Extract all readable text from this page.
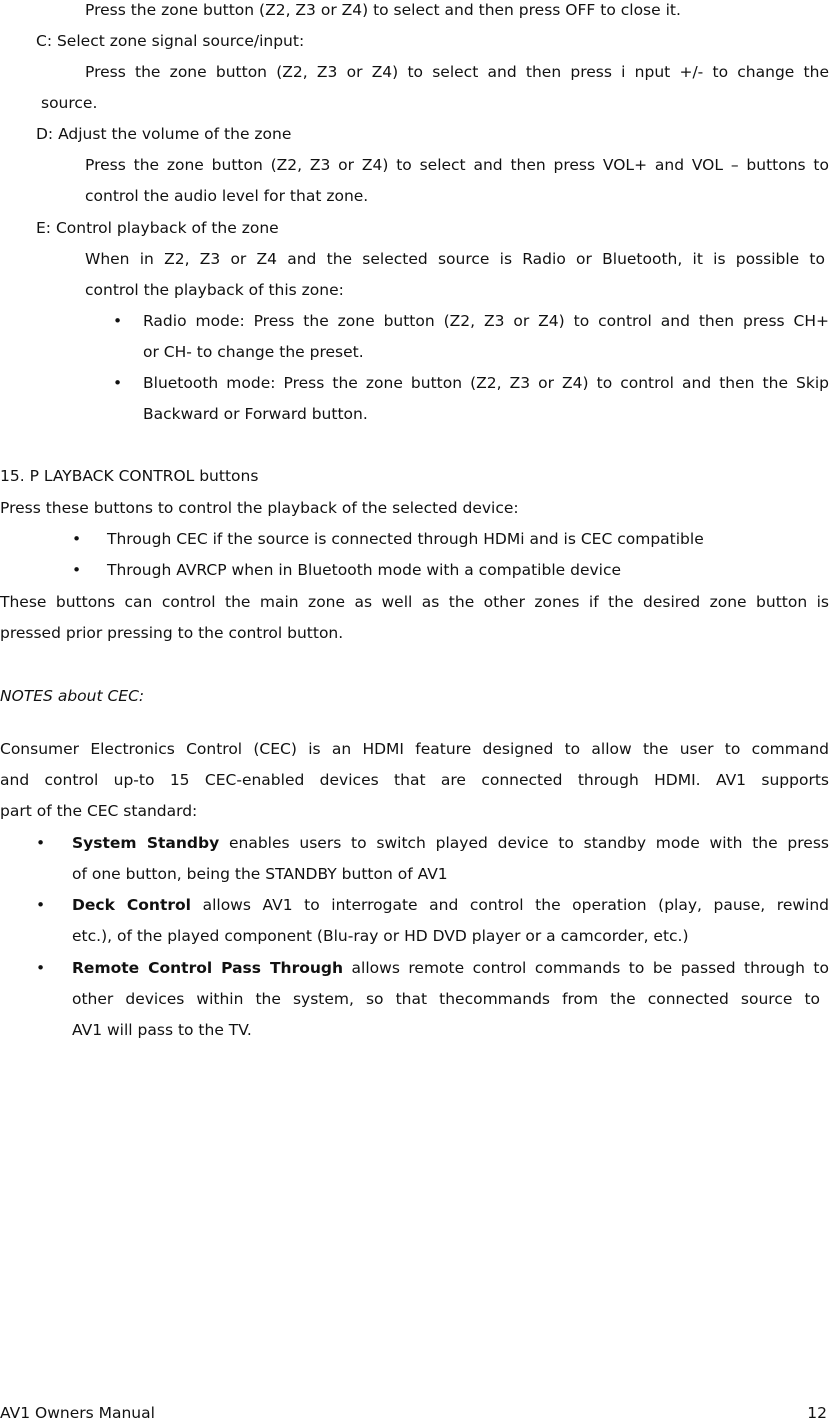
Press the zone button (Z2, Z3 or Z4) to select and then press OFF to close it.
C: Select zone signal source/input:
Press the zone button (Z2, Z3 or Z4) to select and then press i nput +/- to change the
source.
D: Adjust the volume of the zone
Press the zone button (Z2, Z3 or Z4) to select and then press VOL+ and VOL – buttons to
control the audio level for that zone.
E: Control playback of the zone
When in Z2, Z3 or Z4 and the selected source is Radio or Bluetooth, it is possible to
control the playback of this zone:
• Radio mode: Press the zone button (Z2, Z3 or Z4) to control and then press CH+
or CH- to change the preset.
• Bluetooth mode: Press the zone button (Z2, Z3 or Z4) to control and then the Skip
Backward or Forward button.
15. P LAYBACK CONTROL buttons
Press these buttons to control the playback of the selected device:
• Through CEC if the source is connected through HDMi and is CEC compatible
• Through AVRCP when in Bluetooth mode with a compatible device
These buttons can control the main zone as well as the other zones if the desired zone button is
pressed prior pressing to the control button.
NOTES about CEC:
Consumer Electronics Control (CEC) is an HDMI feature designed to allow the user to command
and control up-to 15 CEC-enabled devices that are connected through HDMI. AV1 supports
part of the CEC standard:
• System Standby enables users to switch played device to standby mode with the press
of one button, being the STANDBY button of AV1
• Deck Control allows AV1 to interrogate and control the operation (play, pause, rewind
etc.), of the played component (Blu-ray or HD DVD player or a camcorder, etc.)
• Remote Control Pass Through allows remote control commands to be passed through to
other devices within the system, so that thecommands from the connected source to
AV1 will pass to the TV.
AV1 Owners Manual	12
